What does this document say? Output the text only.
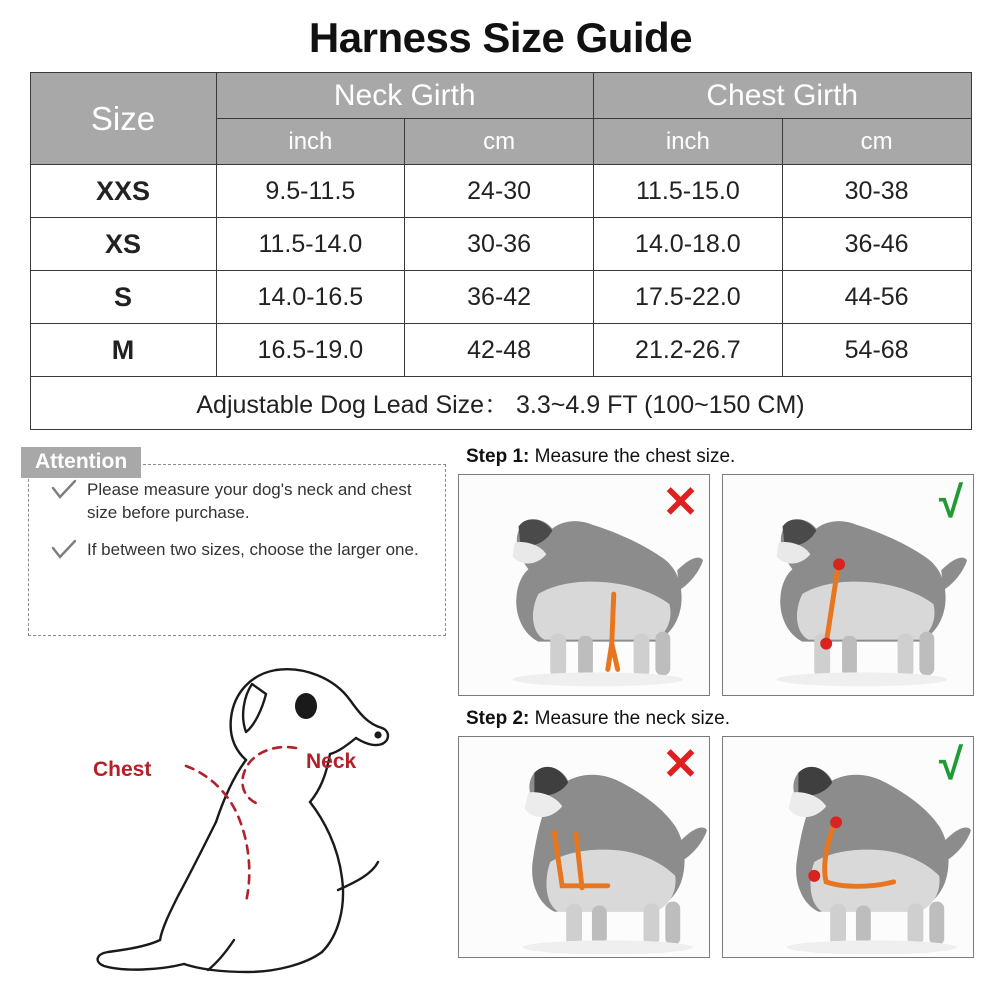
Harness Size Guide
Size	Neck Girth		Chest Girth	
	inch	cm	inch	cm
XXS	9.5-11.5	24-30	11.5-15.0	30-38
XS	11.5-14.0	30-36	14.0-18.0	36-46
S	14.0-16.5	36-42	17.5-22.0	44-56
M	16.5-19.0	42-48	21.2-26.7	54-68
Adjustable Dog Lead Size： 3.3~4.9 FT (100~150 CM)				
Attention
Please measure your dog's neck and chest size before purchase.
If between two sizes, choose the larger one.
Chest	Neck
Step 1: Measure the chest size.
✕	√
Step 2: Measure the neck size.
✕	√
